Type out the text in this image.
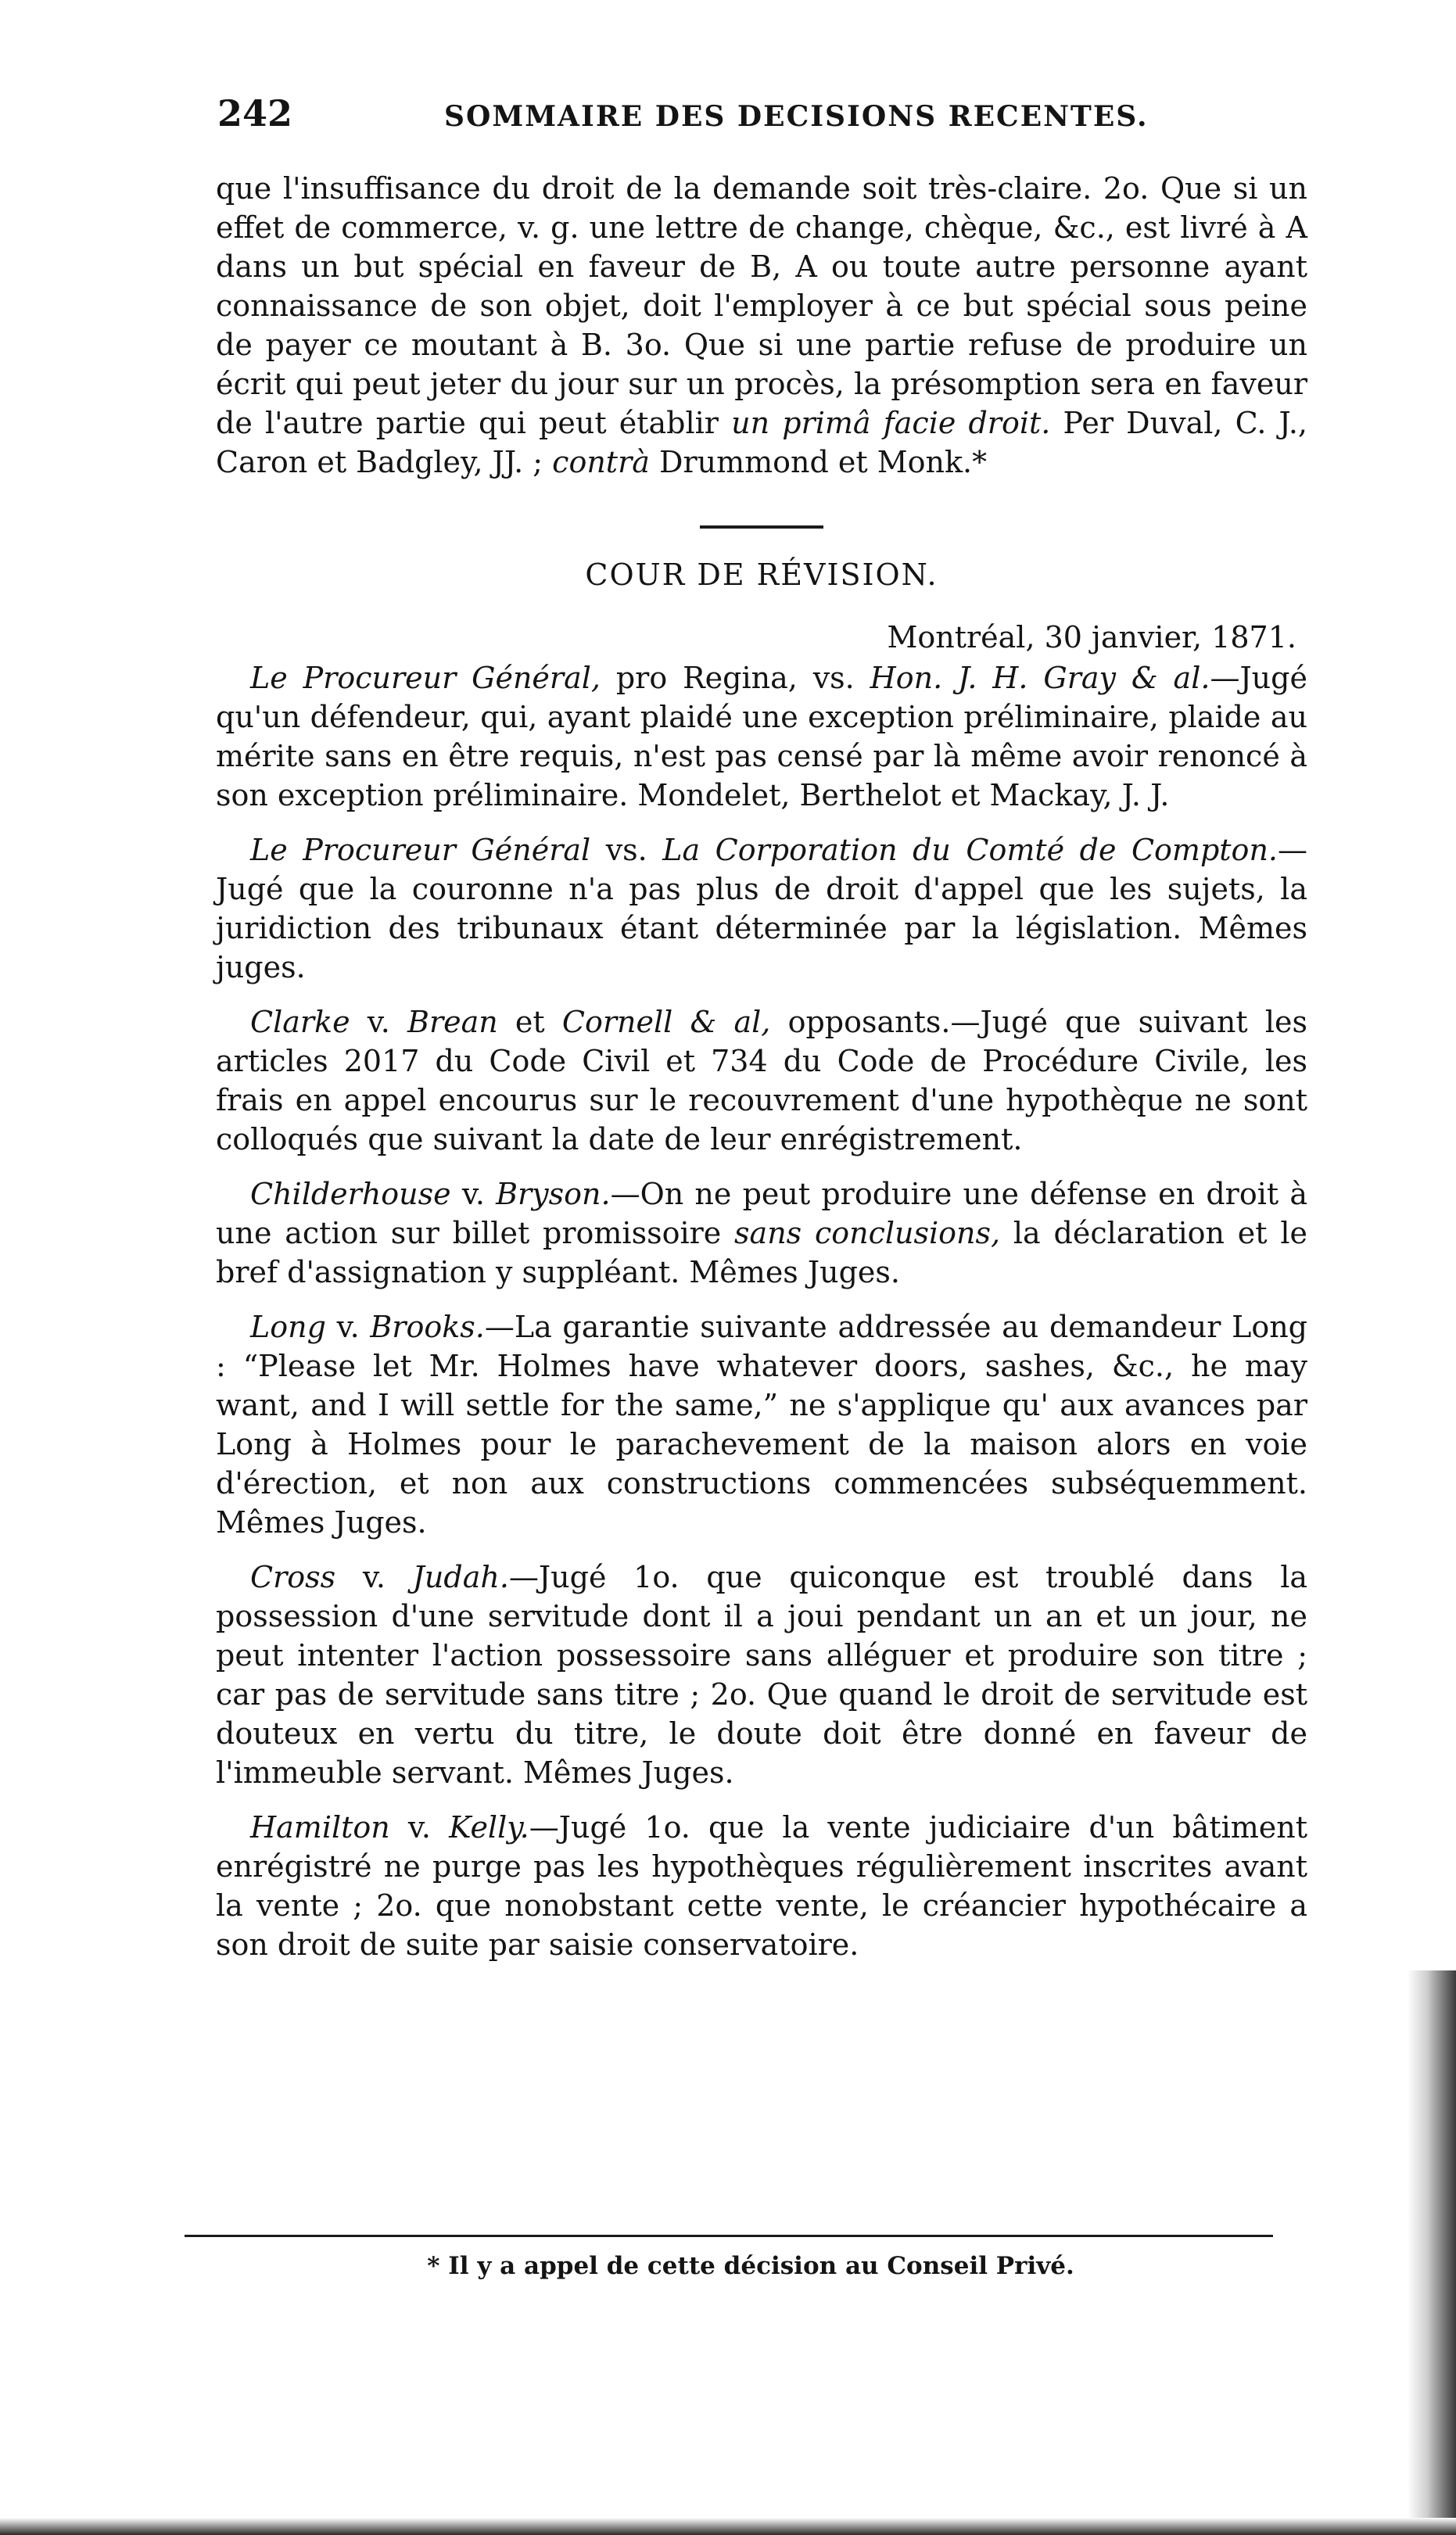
242	SOMMAIRE DES DECISIONS RECENTES.

que l'insuffisance du droit de la demande soit très-claire. 2o. Que si un effet de commerce, v. g. une lettre de change, chèque, &c., est livré à A dans un but spécial en faveur de B, A ou toute autre personne ayant connaissance de son objet, doit l'employer à ce but spécial sous peine de payer ce moutant à B. 3o. Que si une partie refuse de produire un écrit qui peut jeter du jour sur un procès, la présomption sera en faveur de l'autre partie qui peut établir un primâ facie droit. Per Duval, C. J., Caron et Badgley, JJ. ; contrà Drummond et Monk.*

COUR DE RÉVISION.

Montréal, 30 janvier, 1871.

Le Procureur Général, pro Regina, vs. Hon. J. H. Gray & al.—Jugé qu'un défendeur, qui, ayant plaidé une exception préliminaire, plaide au mérite sans en être requis, n'est pas censé par là même avoir renoncé à son exception préliminaire. Mondelet, Berthelot et Mackay, J. J.

Le Procureur Général vs. La Corporation du Comté de Compton.—Jugé que la couronne n'a pas plus de droit d'appel que les sujets, la juridiction des tribunaux étant déterminée par la législation. Mêmes juges.

Clarke v. Brean et Cornell & al, opposants.—Jugé que suivant les articles 2017 du Code Civil et 734 du Code de Procédure Civile, les frais en appel encourus sur le recouvrement d'une hypothèque ne sont colloqués que suivant la date de leur enrégistrement.

Childerhouse v. Bryson.—On ne peut produire une défense en droit à une action sur billet promissoire sans conclusions, la déclaration et le bref d'assignation y suppléant. Mêmes Juges.

Long v. Brooks.—La garantie suivante addressée au demandeur Long : “Please let Mr. Holmes have whatever doors, sashes, &c., he may want, and I will settle for the same,” ne s'applique qu' aux avances par Long à Holmes pour le parachevement de la maison alors en voie d'érection, et non aux constructions commencées subséquemment. Mêmes Juges.

Cross v. Judah.—Jugé 1o. que quiconque est troublé dans la possession d'une servitude dont il a joui pendant un an et un jour, ne peut intenter l'action possessoire sans alléguer et produire son titre ; car pas de servitude sans titre ; 2o. Que quand le droit de servitude est douteux en vertu du titre, le doute doit être donné en faveur de l'immeuble servant. Mêmes Juges.

Hamilton v. Kelly.—Jugé 1o. que la vente judiciaire d'un bâtiment enrégistré ne purge pas les hypothèques régulièrement inscrites avant la vente ; 2o. que nonobstant cette vente, le créancier hypothécaire a son droit de suite par saisie conservatoire.

* Il y a appel de cette décision au Conseil Privé.
